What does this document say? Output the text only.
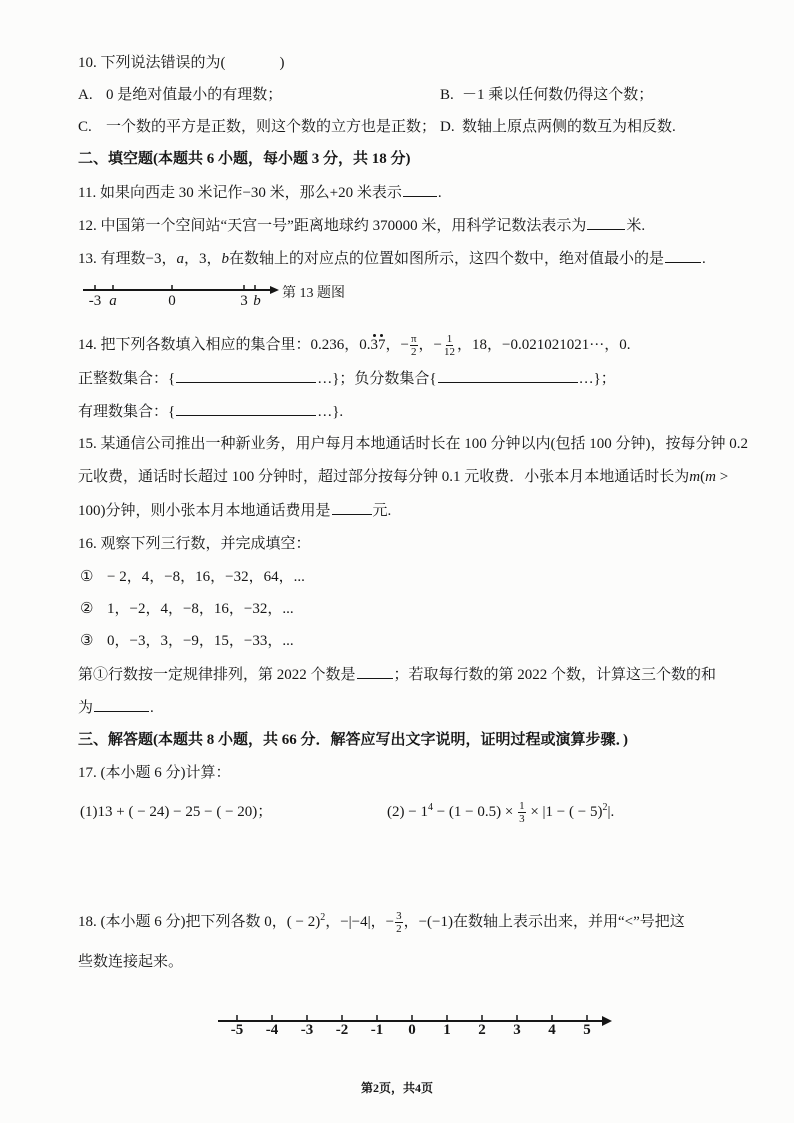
10. 下列说法错误的为(	)
A. 0 是绝对值最小的有理数；	B. －1 乘以任何数仍得这个数；
C. 一个数的平方是正数，则这个数的立方也是正数； D. 数轴上原点两侧的数互为相反数.
二、填空题(本题共 6 小题，每小题 3 分，共 18 分)
11. 如果向西走 30 米记作−30 米，那么+20 米表示 .
12. 中国第一个空间站“天宫一号”距离地球约 370000 米，用科学记数法表示为	米.
13. 有理数−3，a，3，b在数轴上的对应点的位置如图所示，这四个数中，绝对值最小的是	.
-3 a	0	3 b	第 13 题图
14. 把下列各数填入相应的集合里：0.236，0.37，− $\frac{\pi}{2}$ ，− $\frac{1}{12}$ ，18，−0.021021021···，0.
正整数集合：{	…}；负分数集合{	…}；
有理数集合：{	…}.
15. 某通信公司推出一种新业务，用户每月本地通话时长在 100 分钟以内(包括 100 分钟)，按每分钟 0.2
元收费，通话时长超过 100 分钟时，超过部分按每分钟 0.1 元收费．小张本月本地通话时长为m(m >
100)分钟，则小张本月本地通话费用是	元.
16. 观察下列三行数，并完成填空：
① − 2，4，−8，16，−32，64，...
② 1，−2，4，−8，16，−32，...
③ 0，−3，3，−9，15，−33，...
第①行数按一定规律排列，第 2022 个数是	；若取每行数的第 2022 个数，计算这三个数的和
为	.
三、解答题(本题共 8 小题，共 66 分．解答应写出文字说明，证明过程或演算步骤．)
17. (本小题 6 分)计算：
(1)13 + ( − 24) − 25 − ( − 20)；	$(2) - 1^4 - (1 - 0.5) \times \frac{1}{3} \times |1$ − ( − 5)$^2$|.
18. (本小题 6 分)把下列各数 0，( − 2)$^2$，−|−4|，− $\frac{3}{2}$ ，−(−1)在数轴上表示出来，并用“<”号把这
些数连接起来。
-5	-4	-3	-2	-1	0	1	2	3	4	5
第2页，共4页
